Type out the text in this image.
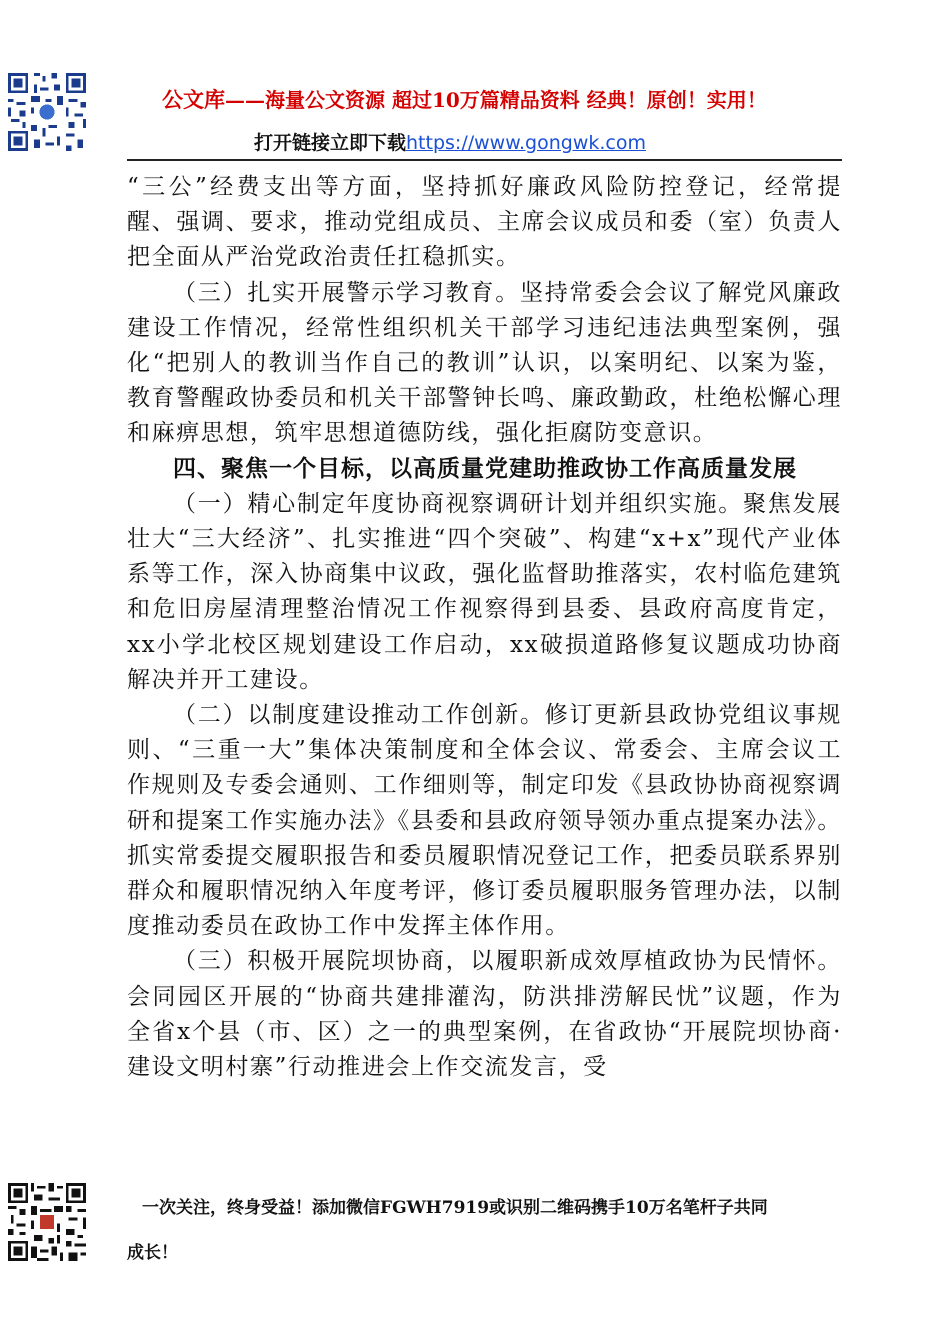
公文库——海量公文资源 超过10万篇精品资料 经典！原创！实用！
打开链接立即下载https://www.gongwk.com

“三公”经费支出等方面，坚持抓好廉政风险防控登记，经常提醒、强调、要求，推动党组成员、主席会议成员和委（室）负责人把全面从严治党政治责任扛稳抓实。

（三）扎实开展警示学习教育。坚持常委会会议了解党风廉政建设工作情况，经常性组织机关干部学习违纪违法典型案例，强化“把别人的教训当作自己的教训”认识，以案明纪、以案为鉴，教育警醒政协委员和机关干部警钟长鸣、廉政勤政，杜绝松懈心理和麻痹思想，筑牢思想道德防线，强化拒腐防变意识。

四、聚焦一个目标，以高质量党建助推政协工作高质量发展

（一）精心制定年度协商视察调研计划并组织实施。聚焦发展壮大“三大经济”、扎实推进“四个突破”、构建“x+x”现代产业体系等工作，深入协商集中议政，强化监督助推落实，农村临危建筑和危旧房屋清理整治情况工作视察得到县委、县政府高度肯定，xx小学北校区规划建设工作启动，xx破损道路修复议题成功协商解决并开工建设。

（二）以制度建设推动工作创新。修订更新县政协党组议事规则、“三重一大”集体决策制度和全体会议、常委会、主席会议工作规则及专委会通则、工作细则等，制定印发《县政协协商视察调研和提案工作实施办法》《县委和县政府领导领办重点提案办法》。抓实常委提交履职报告和委员履职情况登记工作，把委员联系界别群众和履职情况纳入年度考评，修订委员履职服务管理办法，以制度推动委员在政协工作中发挥主体作用。

（三）积极开展院坝协商，以履职新成效厚植政协为民情怀。会同园区开展的“协商共建排灌沟，防洪排涝解民忧”议题，作为全省x个县（市、区）之一的典型案例，在省政协“开展院坝协商·建设文明村寨”行动推进会上作交流发言，受

一次关注，终身受益！添加微信FGWH7919或识别二维码携手10万名笔杆子共同
成长！
